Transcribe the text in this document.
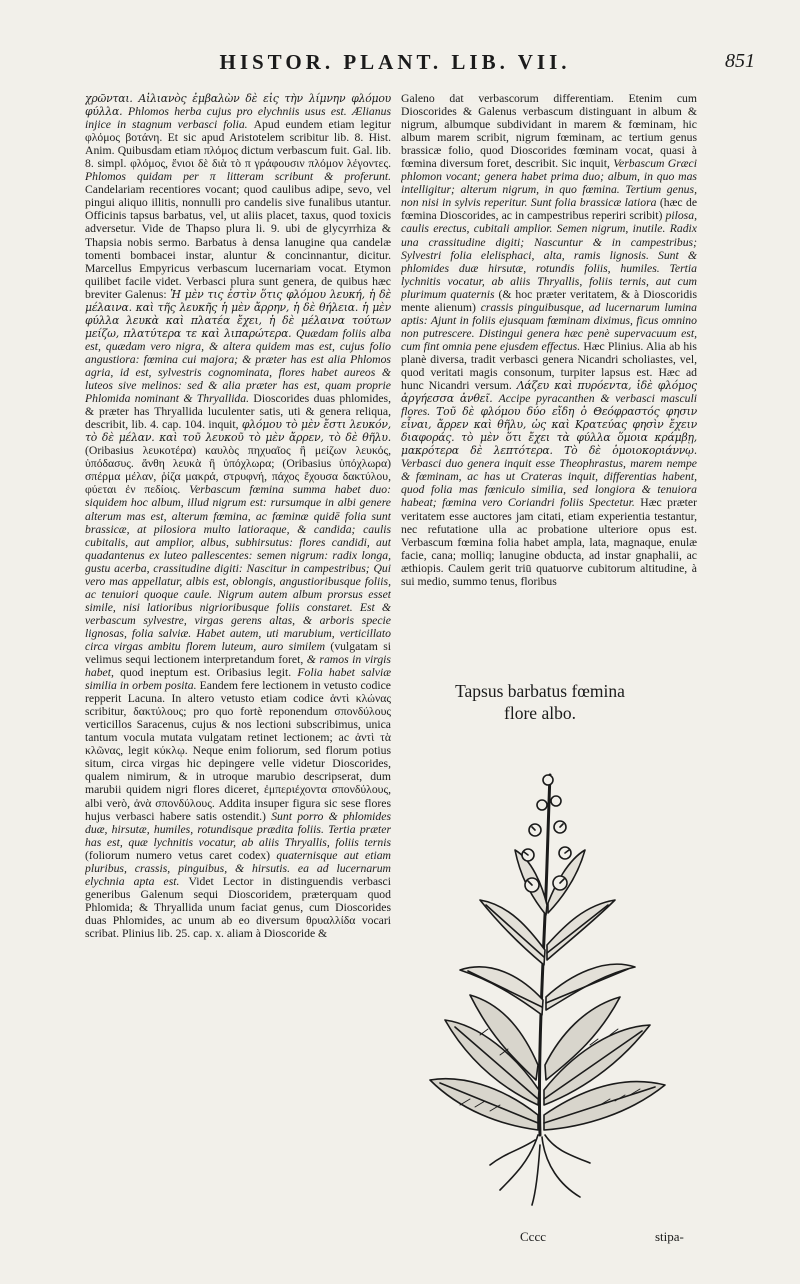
HISTOR. PLANT. LIB. VII.	851

χρῶνται. Αἰλιανὸς ἐμβαλὼν δὲ εἰς τὴν λίμνην φλόμου φύλλα. Phlomos herba cujus pro elychniis usus est. Ælianus injice in stagnum verbasci folia. Apud eundem etiam legitur φλόμος βοτάνη. Et sic apud Aristotelem scribitur lib. 8. Hist. Anim. Quibusdam etiam πλόμος dictum verbascum fuit. Gal. lib. 8. simpl. φλόμος, ἔνιοι δὲ διὰ τὸ π γράφουσιν πλόμον λέγοντες. Phlomos quidam per π litteram scribunt & proferunt. Candelariam recentiores vocant; quod caulibus adipe, sevo, vel pingui aliquo illitis, nonnulli pro candelis sive funalibus utantur. Officinis tapsus barbatus, vel, ut aliis placet, taxus, quod toxicis adversetur. Vide de Thapso plura li. 9. ubi de glycyrrhiza & Thapsia nobis sermo. Barbatus à densa lanugine qua candelæ tomenti bombacei instar, aluntur & concinnantur, dicitur. Marcellus Empyricus verbascum lucernariam vocat. Etymon quilibet facile videt. Verbasci plura sunt genera, de quibus hæc breviter Galenus: Ἡ μὲν τις ἐστὶν ὅτις φλόμου λευκή, ἡ δὲ μέλαινα. καὶ τῆς λευκῆς ἡ μὲν ἄρρην, ἡ δὲ θήλεια. ἡ μὲν φύλλα λευκὰ καὶ πλατέα ἔχει, ἡ δὲ μέλαινα τούτων μείζω, πλατύτερα τε καὶ λιπαρώτερα. Quædam foliis alba est, quædam vero nigra, & altera quidem mas est, cujus folio angustiora: fœmina cui majora; & præter has est alia Phlomos agria, id est, sylvestris cognominata, flores habet aureos & luteos sive melinos: sed & alia præter has est, quam proprie Phlomida nominant & Thryallida. Dioscorides duas phlomides, & præter has Thryallida luculenter satis, uti & genera reliqua, describit, lib. 4. cap. 104. inquit, φλόμου τὸ μὲν ἔστι λευκόν, τὸ δὲ μέλαν. καὶ τοῦ λευκοῦ τὸ μὲν ἄρρεν, τὸ δὲ θῆλυ. (Oribasius λευκοτέρα) καυλὸς πηχυαῖος ἢ μείζων λευκός, ὑπόδασυς. ἄνθη λευκὰ ἢ ὑπόχλωρα; (Oribasius ὑπόχλωρα) σπέρμα μέλαν, ῥίζα μακρά, στρυφνή, πάχος ἔχουσα δακτύλου, φύεται ἐν πεδίοις. Verbascum fœmina summa habet duo: siquidem hoc album, illud nigrum est: rursumque in albi genere alterum mas est, alterum fœmina, ac fœminæ quidē folia sunt brassicæ, at pilosiora multo latioraque, & candida; caulis cubitalis, aut amplior, albus, subhirsutus: flores candidi, aut quadantenus ex luteo pallescentes: semen nigrum: radix longa, gustu acerba, crassitudine digiti: Nascitur in campestribus; Qui vero mas appellatur, albis est, oblongis, angustioribusque foliis, ac tenuiori quoque caule. Nigrum autem album prorsus esset simile, nisi latioribus nigrioribusque foliis constaret. Est & verbascum sylvestre, virgas gerens altas, & arboris specie lignosas, folia salviæ. Habet autem, uti marubium, verticillato circa virgas ambitu florem luteum, auro similem (vulgatam si velimus sequi lectionem interpretandum foret, & ramos in virgis habet, quod ineptum est. Oribasius legit. Folia habet salviæ similia in orbem posita. Eandem fere lectionem in vetusto codice repperit Lacuna. In altero vetusto etiam codice ἀντὶ κλώνας scribitur, δακτύλους; pro quo fortè reponendum σπονδύλους verticillos Saracenus, cujus & nos lectioni subscribimus, unica tantum vocula mutata vulgatam retinet lectionem; ac ἀντὶ τὰ κλῶνας, legit κύκλῳ. Neque enim foliorum, sed florum potius situm, circa virgas hic depingere velle videtur Dioscorides, qualem nimirum, & in utroque marubio descripserat, dum marubii quidem nigri flores diceret, ἐμπεριέχοντα σπονδύλους, albi verò, ἀνὰ σπονδύλους. Addita insuper figura sic sese flores hujus verbasci habere satis ostendit.) Sunt porro & phlomides duæ, hirsutæ, humiles, rotundisque prædita foliis. Tertia præter has est, quæ lychnitis vocatur, ab aliis Thryallis, foliis ternis (foliorum numero vetus caret codex) quaternisque aut etiam pluribus, crassis, pinguibus, & hirsutis. ea ad lucernarum elychnia apta est. Videt Lector in distinguendis verbasci generibus Galenum sequi Dioscoridem, præterquam quod Phlomida; & Thryallida unum faciat genus, cum Dioscorides duas Phlomides, ac unum ab eo diversum θρυαλλίδα vocari scribat. Plinius lib. 25. cap. x. aliam à Dioscoride &

Galeno dat verbascorum differentiam. Etenim cum Dioscorides & Galenus verbascum distinguant in album & nigrum, albumque subdividant in marem & fœminam, hic album marem scribit, nigrum fœminam, ac tertium genus brassicæ folio, quod Dioscorides fœminam vocat, quasi à fœmina diversum foret, describit. Sic inquit, Verbascum Græci phlomon vocant; genera habet prima duo; album, in quo mas intelligitur; alterum nigrum, in quo fœmina. Tertium genus, non nisi in sylvis reperitur. Sunt folia brassicæ latiora (hæc de fœmina Dioscorides, ac in campestribus reperiri scribit) pilosa, caulis erectus, cubitali amplior. Semen nigrum, inutile. Radix una crassitudine digiti; Nascuntur & in campestribus; Sylvestri folia elelisphaci, alta, ramis lignosis. Sunt & phlomides duæ hirsutæ, rotundis foliis, humiles. Tertia lychnitis vocatur, ab aliis Thryallis, foliis ternis, aut cum plurimum quaternis (& hoc præter veritatem, & à Dioscoridis mente alienum) crassis pinguibusque, ad lucernarum lumina aptis: Ajunt in foliis ejusquam fœminam diximus, ficus omnino non putrescere. Distingui genera hæc penè supervacuum est, cum fint omnia pene ejusdem effectus. Hæc Plinius. Alia ab his planè diversa, tradit verbasci genera Nicandri scholiastes, vel, quod veritati magis consonum, turpiter lapsus est. Hæc ad hunc Nicandri versum. Λάζευ καὶ πυρόεντα, ἰδὲ φλόμος ἀργήεσσα ἀνθεῖ. Accipe pyracanthen & verbasci masculi flores. Τοῦ δὲ φλόμου δύο εἴδη ὁ Θεόφραστός φησιν εἶναι, ἄρρεν καὶ θῆλυ, ὡς καὶ Κρατεύας φησὶν ἔχειν διαφοράς. τὸ μὲν ὅτι ἔχει τὰ φύλλα ὅμοια κράμβῃ, μακρότερα δὲ λεπτότερα. Τὸ δὲ ὁμοιοκοριάννῳ. Verbasci duo genera inquit esse Theophrastus, marem nempe & fœminam, ac has ut Crateras inquit, differentias habent, quod folia mas fœniculo similia, sed longiora & tenuiora habeat; fœmina vero Coriandri foliis Spectetur. Hæc præter veritatem esse auctores jam citati, etiam experientia testantur, nec refutatione ulla ac probatione ulteriore opus est. Verbascum fœmina folia habet ampla, lata, magnaque, enulæ facie, cana; molliq; lanugine obducta, ad instar gnaphalii, ac æthiopis. Caulem gerit triū quatuorve cubitorum altitudine, à sui medio, summo tenus, floribus

Tapsus barbatus fœmina
flore albo.
Cccc	stipa-
